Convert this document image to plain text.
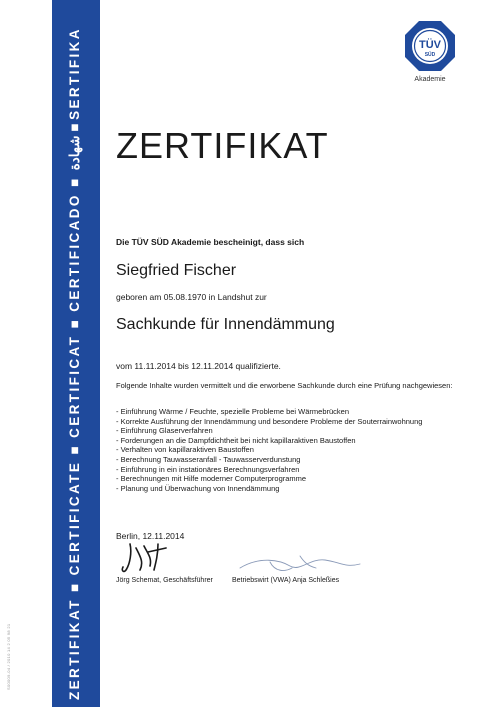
ZERTIFIKAT ■ CERTIFICATE ■ CERTIFICAT ■ CERTIFICADO ■ شهادة ■ SERTIFIKA
S00009-04 / 2010 14 2 05 98 21
TÜV
SÜD
Akademie
ZERTIFIKAT
Die TÜV SÜD Akademie bescheinigt, dass sich
Siegfried Fischer
geboren am 05.08.1970 in Landshut zur
Sachkunde für Innendämmung
vom 11.11.2014 bis 12.11.2014 qualifizierte.
Folgende Inhalte wurden vermittelt und die erworbene Sachkunde durch eine Prüfung nachgewiesen:
- Einführung Wärme / Feuchte, spezielle Probleme bei Wärmebrücken
- Korrekte Ausführung der Innendämmung und besondere Probleme der Souterrainwohnung
- Einführung Glaserverfahren
- Forderungen an die Dampfdichtheit bei nicht kapillaraktiven Baustoffen
- Verhalten von kapillaraktiven Baustoffen
- Berechnung Tauwasseranfall - Tauwasserverdunstung
- Einführung in ein instationäres Berechnungsverfahren
- Berechnungen mit Hilfe moderner Computerprogramme
- Planung und Überwachung von Innendämmung
Berlin, 12.11.2014
Jörg Schemat, Geschäftsführer	Betriebswirt (VWA) Anja Schleßies
